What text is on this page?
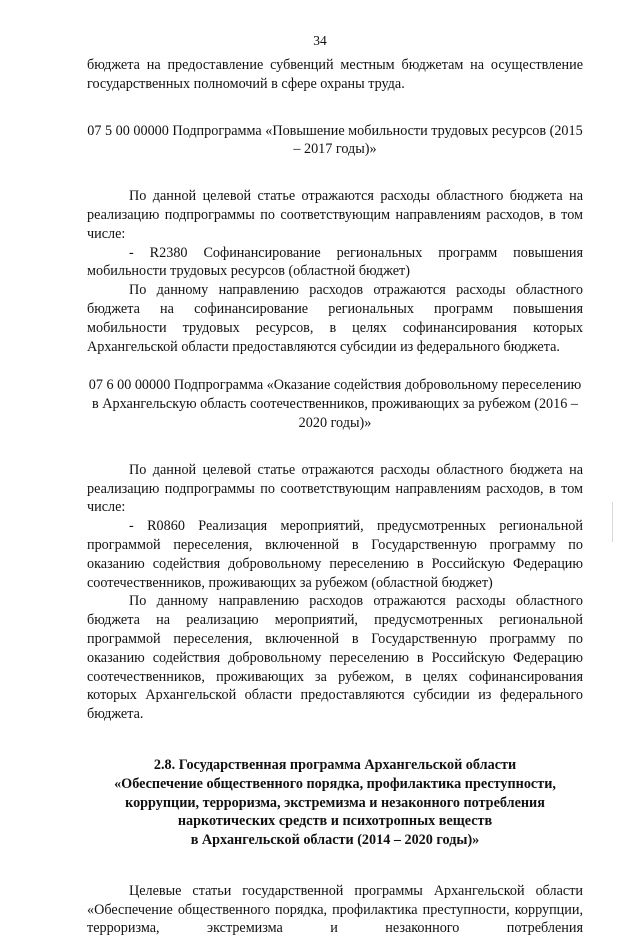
34

бюджета на предоставление субвенций местным бюджетам на осуществление государственных полномочий в сфере охраны труда.

07 5 00 00000 Подпрограмма «Повышение мобильности трудовых ресурсов (2015 – 2017 годы)»

По данной целевой статье отражаются расходы областного бюджета на реализацию подпрограммы по соответствующим направлениям расходов, в том числе:

- R2380 Софинансирование региональных программ повышения мобильности трудовых ресурсов (областной бюджет)

По данному направлению расходов отражаются расходы областного бюджета на софинансирование региональных программ повышения мобильности трудовых ресурсов, в целях софинансирования которых Архангельской области предоставляются субсидии из федерального бюджета.

07 6 00 00000 Подпрограмма «Оказание содействия добровольному переселению в Архангельскую область соотечественников, проживающих за рубежом (2016 – 2020 годы)»

По данной целевой статье отражаются расходы областного бюджета на реализацию подпрограммы по соответствующим направлениям расходов, в том числе:

- R0860 Реализация мероприятий, предусмотренных региональной программой переселения, включенной в Государственную программу по оказанию содействия добровольному переселению в Российскую Федерацию соотечественников, проживающих за рубежом (областной бюджет)

По данному направлению расходов отражаются расходы областного бюджета на реализацию мероприятий, предусмотренных региональной программой переселения, включенной в Государственную программу по оказанию содействия добровольному переселению в Российскую Федерацию соотечественников, проживающих за рубежом, в целях софинансирования которых Архангельской области предоставляются субсидии из федерального бюджета.

2.8. Государственная программа Архангельской области
«Обеспечение общественного порядка, профилактика преступности,
коррупции, терроризма, экстремизма и незаконного потребления
наркотических средств и психотропных веществ
в Архангельской области (2014 – 2020 годы)»

Целевые статьи государственной программы Архангельской области «Обеспечение общественного порядка, профилактика преступности, коррупции, терроризма, экстремизма и незаконного потребления
